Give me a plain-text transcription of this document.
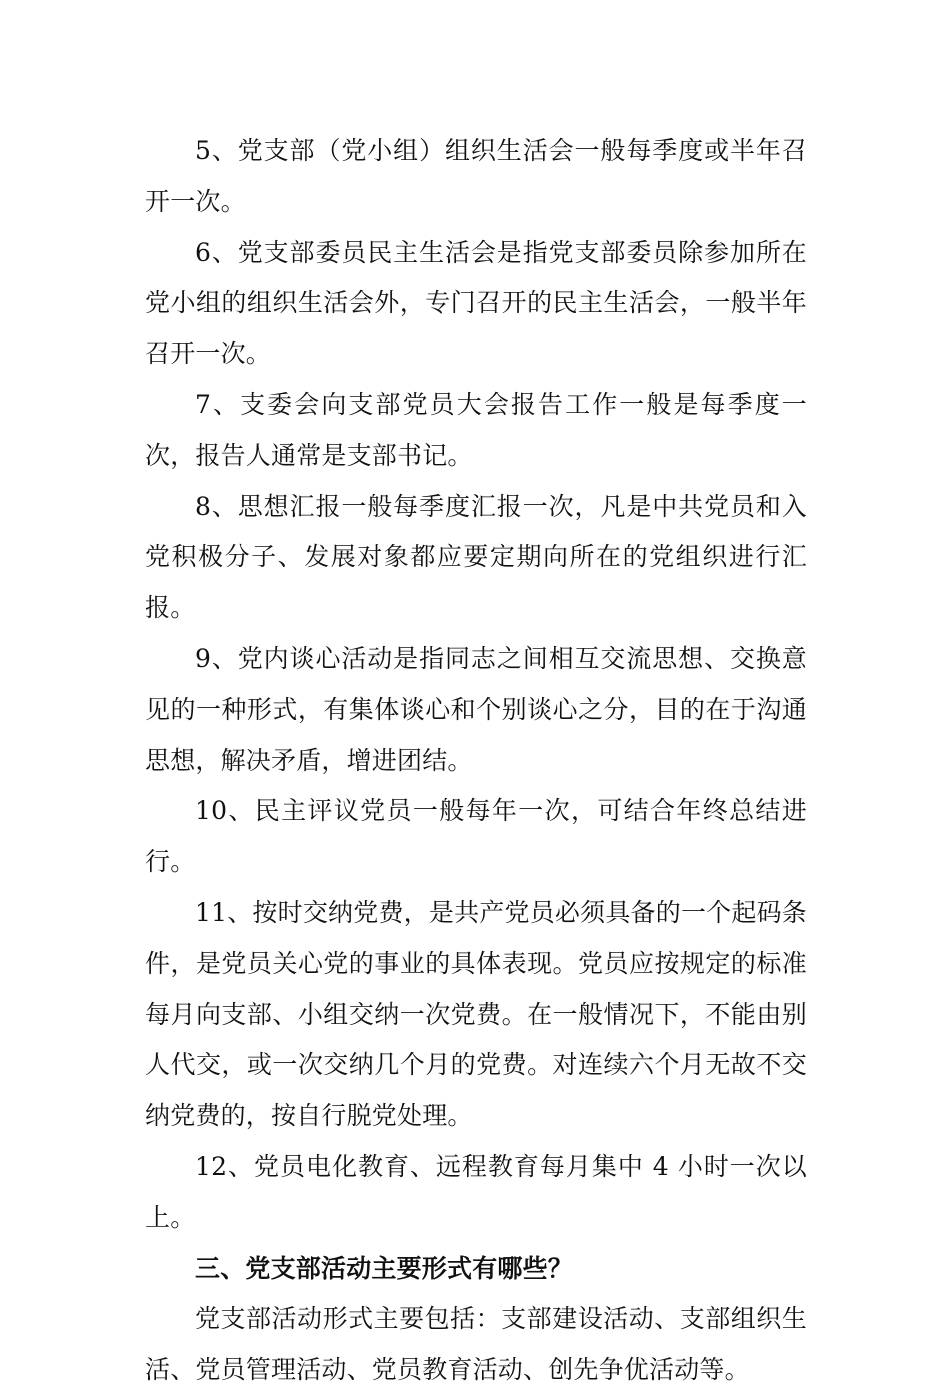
5、党支部（党小组）组织生活会一般每季度或半年召开一次。

6、党支部委员民主生活会是指党支部委员除参加所在党小组的组织生活会外，专门召开的民主生活会，一般半年召开一次。

7、支委会向支部党员大会报告工作一般是每季度一次，报告人通常是支部书记。

8、思想汇报一般每季度汇报一次，凡是中共党员和入党积极分子、发展对象都应要定期向所在的党组织进行汇报。

9、党内谈心活动是指同志之间相互交流思想、交换意见的一种形式，有集体谈心和个别谈心之分，目的在于沟通思想，解决矛盾，增进团结。

10、民主评议党员一般每年一次，可结合年终总结进行。

11、按时交纳党费，是共产党员必须具备的一个起码条件，是党员关心党的事业的具体表现。党员应按规定的标准每月向支部、小组交纳一次党费。在一般情况下，不能由别人代交，或一次交纳几个月的党费。对连续六个月无故不交纳党费的，按自行脱党处理。

12、党员电化教育、远程教育每月集中 4 小时一次以上。

三、党支部活动主要形式有哪些？

党支部活动形式主要包括：支部建设活动、支部组织生活、党员管理活动、党员教育活动、创先争优活动等。
